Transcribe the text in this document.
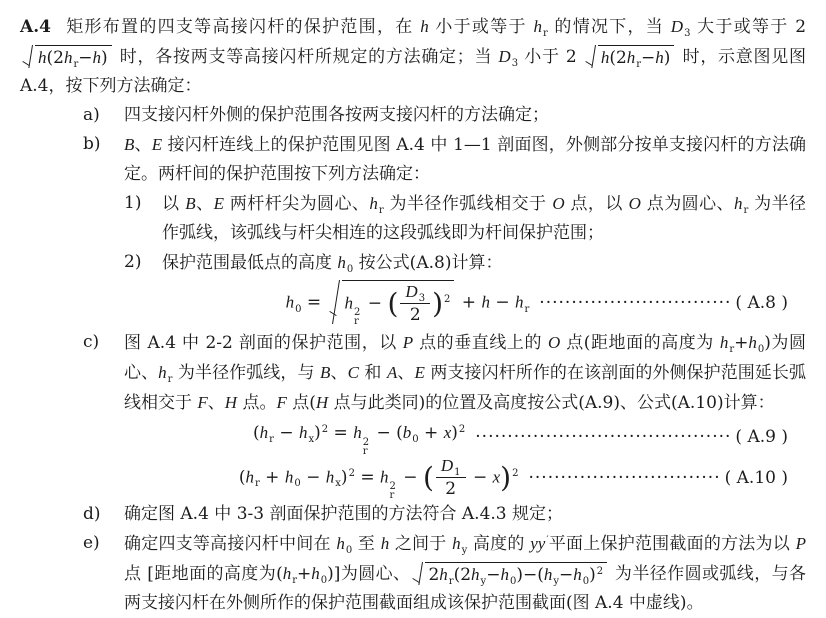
A.4 矩形布置的四支等高接闪杆的保护范围，在 h 小于或等于 $h_r$ 的情况下，当 $D_3$ 大于或等于 2
$h(2h_r-h)$ 时，各按两支等高接闪杆所规定的方法确定；当 $D_3$ 小于 2 $h(2h_r-h)$ 时，示意图见图 A.4，按下列方法确定：

a) 四支接闪杆外侧的保护范围各按两支接闪杆的方法确定；
b) B、E 接闪杆连线上的保护范围见图 A.4 中 1—1 剖面图，外侧部分按单支接闪杆的方法确定。两杆间的保护范围按下列方法确定：
1) 以 B、E 两杆杆尖为圆心、$h_r$ 为半径作弧线相交于 O 点，以 O 点为圆心、$h_r$ 为半径作弧线，该弧线与杆尖相连的这段弧线即为杆间保护范围；
2) 保护范围最低点的高度 $h_0$ 按公式(A.8)计算：
$h_0 = h$
2
r
− ( $\frac{D_3}{2} )^2 + h - h_r$ ······························ ( A.8 )
c) 图 A.4 中 2-2 剖面的保护范围，以 P 点的垂直线上的 O 点(距地面的高度为 $h_r+h_0$)为圆心、$h_r$ 为半径作弧线，与 B、C 和 A、E 两支接闪杆所作的在该剖面的外侧保护范围延长弧线相交于 F、H 点。F 点(H 点与此类同)的位置及高度按公式(A.9)、公式(A.10)计算：
$(h_r - h_x)^2 = h$
2
r
− $(b_0 + x)^2$ ········································ ( A.9 )
$(h_r + h_0 - h_x)^2 = h$
2
r
− ( $\frac{D_1}{2} - x)^2$ ······························ ( A.10 )
d) 确定图 A.4 中 3-3 剖面保护范围的方法符合 A.4.3 规定；
e) 确定四支等高接闪杆中间在 $h_0$ 至 h 之间于 $h_y$ 高度的 yy′平面上保护范围截面的方法为以 P 点 [距地面的高度为$(h_r+h_0)$]为圆心、 $2h_r(2h_y-h_0)-(h_y-h_0)^2$ 为半径作圆或弧线，与各两支接闪杆在外侧所作的保护范围截面组成该保护范围截面(图 A.4 中虚线)。
